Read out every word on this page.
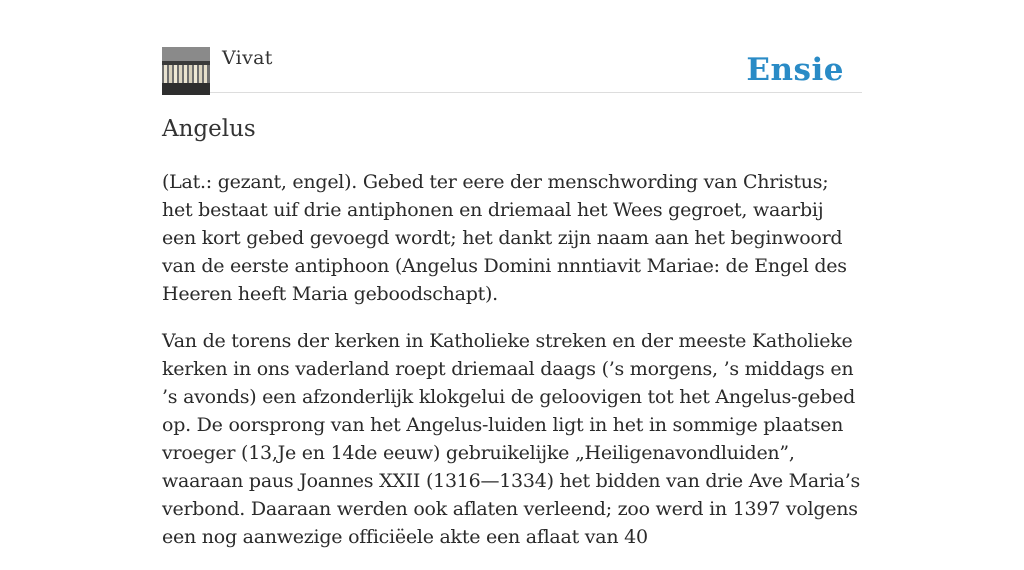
Vivat	Ensie
Angelus

(Lat.: gezant, engel). Gebed ter eere der menschwording van Christus; het bestaat uif drie antiphonen en driemaal het Wees gegroet, waarbij een kort gebed gevoegd wordt; het dankt zijn naam aan het beginwoord van de eerste antiphoon (Angelus Domini nnntiavit Mariae: de Engel des Heeren heeft Maria geboodschapt).

Van de torens der kerken in Katholieke streken en der meeste Katholieke kerken in ons vaderland roept driemaal daags (’s morgens, ’s middags en ’s avonds) een afzonderlijk klokgelui de geloovigen tot het Angelus-gebed op. De oorsprong van het Angelus-luiden ligt in het in sommige plaatsen vroeger (13,Je en 14de eeuw) gebruikelijke „Heiligenavondluiden”, waaraan paus Joannes XXII (1316—1334) het bidden van drie Ave Maria’s verbond. Daaraan werden ook aflaten verleend; zoo werd in 1397 volgens een nog aanwezige officiëele akte een aflaat van 40
